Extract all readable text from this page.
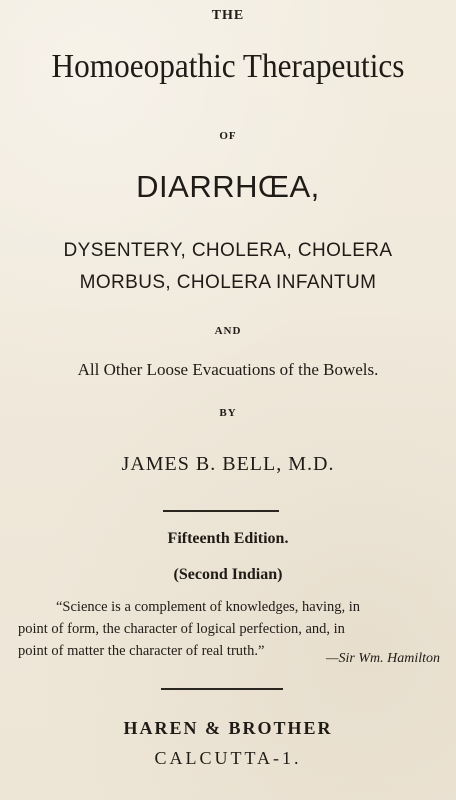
THE
Homoeopathic Therapeutics
OF
DIARRHŒA,
DYSENTERY, CHOLERA, CHOLERA
MORBUS, CHOLERA INFANTUM
AND
All Other Loose Evacuations of the Bowels.
BY
JAMES B. BELL, M.D.
Fifteenth Edition.
(Second Indian)
“Science is a complement of knowledges, having, in
point of form, the character of logical perfection, and, in
point of matter the character of real truth.”	—Sir Wm. Hamilton
HAREN & BROTHER
CALCUTTA-1.
